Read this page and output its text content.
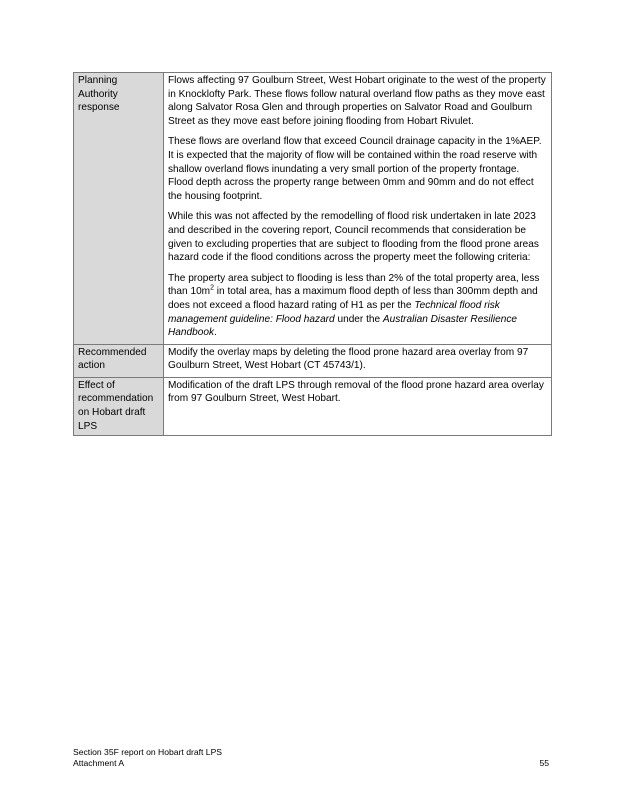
Planning Authority response	Flows affecting 97 Goulburn Street, West Hobart originate to the west of the property in Knocklofty Park. These flows follow natural overland flow paths as they move east along Salvator Rosa Glen and through properties on Salvator Road and Goulburn Street as they move east before joining flooding from Hobart Rivulet.

These flows are overland flow that exceed Council drainage capacity in the 1%AEP. It is expected that the majority of flow will be contained within the road reserve with shallow overland flows inundating a very small portion of the property frontage. Flood depth across the property range between 0mm and 90mm and do not effect the housing footprint.

While this was not affected by the remodelling of flood risk undertaken in late 2023 and described in the covering report, Council recommends that consideration be given to excluding properties that are subject to flooding from the flood prone areas hazard code if the flood conditions across the property meet the following criteria:

The property area subject to flooding is less than 2% of the total property area, less than $10m^2$ in total area, has a maximum flood depth of less than 300mm depth and does not exceed a flood hazard rating of H1 as per the Technical flood risk management guideline: Flood hazard under the Australian Disaster Resilience Handbook.

Recommended action	Modify the overlay maps by deleting the flood prone hazard area overlay from 97 Goulburn Street, West Hobart (CT 45743/1).

Effect of recommendation on Hobart draft LPS	Modification of the draft LPS through removal of the flood prone hazard area overlay from 97 Goulburn Street, West Hobart.

Section 35F report on Hobart draft LPS
Attachment A	55
